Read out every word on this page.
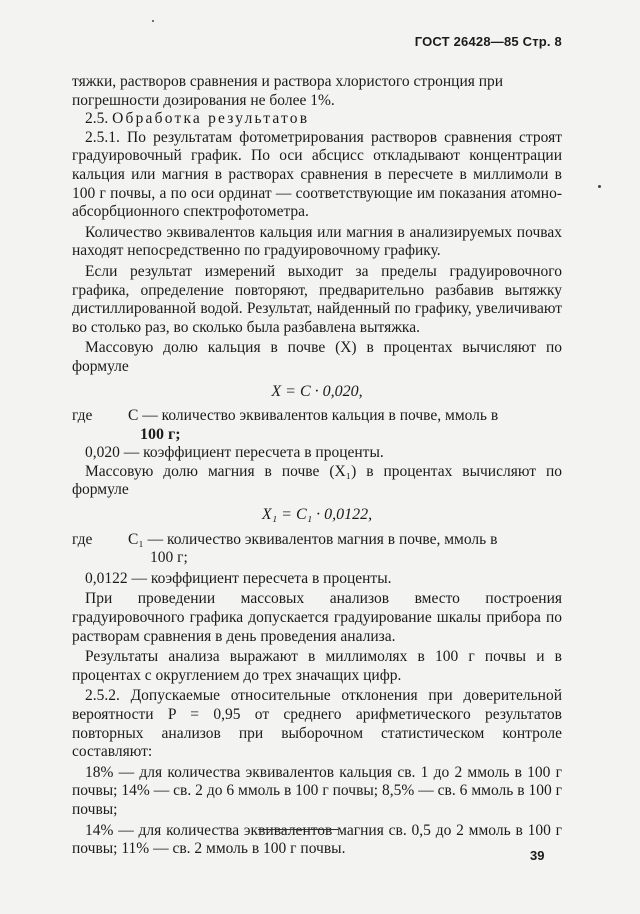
ГОСТ 26428—85 Стр. 8

тяжки, растворов сравнения и раствора хлористого стронция при

погрешности дозирования не более 1%.

2.5. Обработка результатов

2.5.1. По результатам фотометрирования растворов сравнения строят градуировочный график. По оси абсцисс откладывают концентрации кальция или магния в растворах сравнения в пересчете в миллимоли в 100 г почвы, а по оси ординат — соответствующие им показания атомно-абсорбционного спектрофотометра.

Количество эквивалентов кальция или магния в анализируемых почвах находят непосредственно по градуировочному графику.

Если результат измерений выходит за пределы градуировочного графика, определение повторяют, предварительно разбавив вытяжку дистиллированной водой. Результат, найденный по графику, увеличивают во столько раз, во сколько была разбавлена вытяжка.

Массовую долю кальция в почве (X) в процентах вычисляют по формуле

X = C · 0,020,

где	C — количество эквивалентов кальция в почве, ммоль в

100 г;

0,020 — коэффициент пересчета в проценты.

Массовую долю магния в почве (X₁) в процентах вычисляют по формуле

X₁ = C₁ · 0,0122,

где	C₁ — количество эквивалентов магния в почве, ммоль в

100 г;

0,0122 — коэффициент пересчета в проценты.

При проведении массовых анализов вместо построения градуировочного графика допускается градуирование шкалы прибора по растворам сравнения в день проведения анализа.

Результаты анализа выражают в миллимолях в 100 г почвы и в процентах с округлением до трех значащих цифр.

2.5.2. Допускаемые относительные отклонения при доверительной вероятности P = 0,95 от среднего арифметического результатов повторных анализов при выборочном статистическом контроле составляют:

18% — для количества эквивалентов кальция св. 1 до 2 ммоль в 100 г почвы; 14% — св. 2 до 6 ммоль в 100 г почвы; 8,5% — св. 6 ммоль в 100 г почвы;

14% — для количества эквивалентов магния св. 0,5 до 2 ммоль в 100 г почвы; 11% — св. 2 ммоль в 100 г почвы.	39
